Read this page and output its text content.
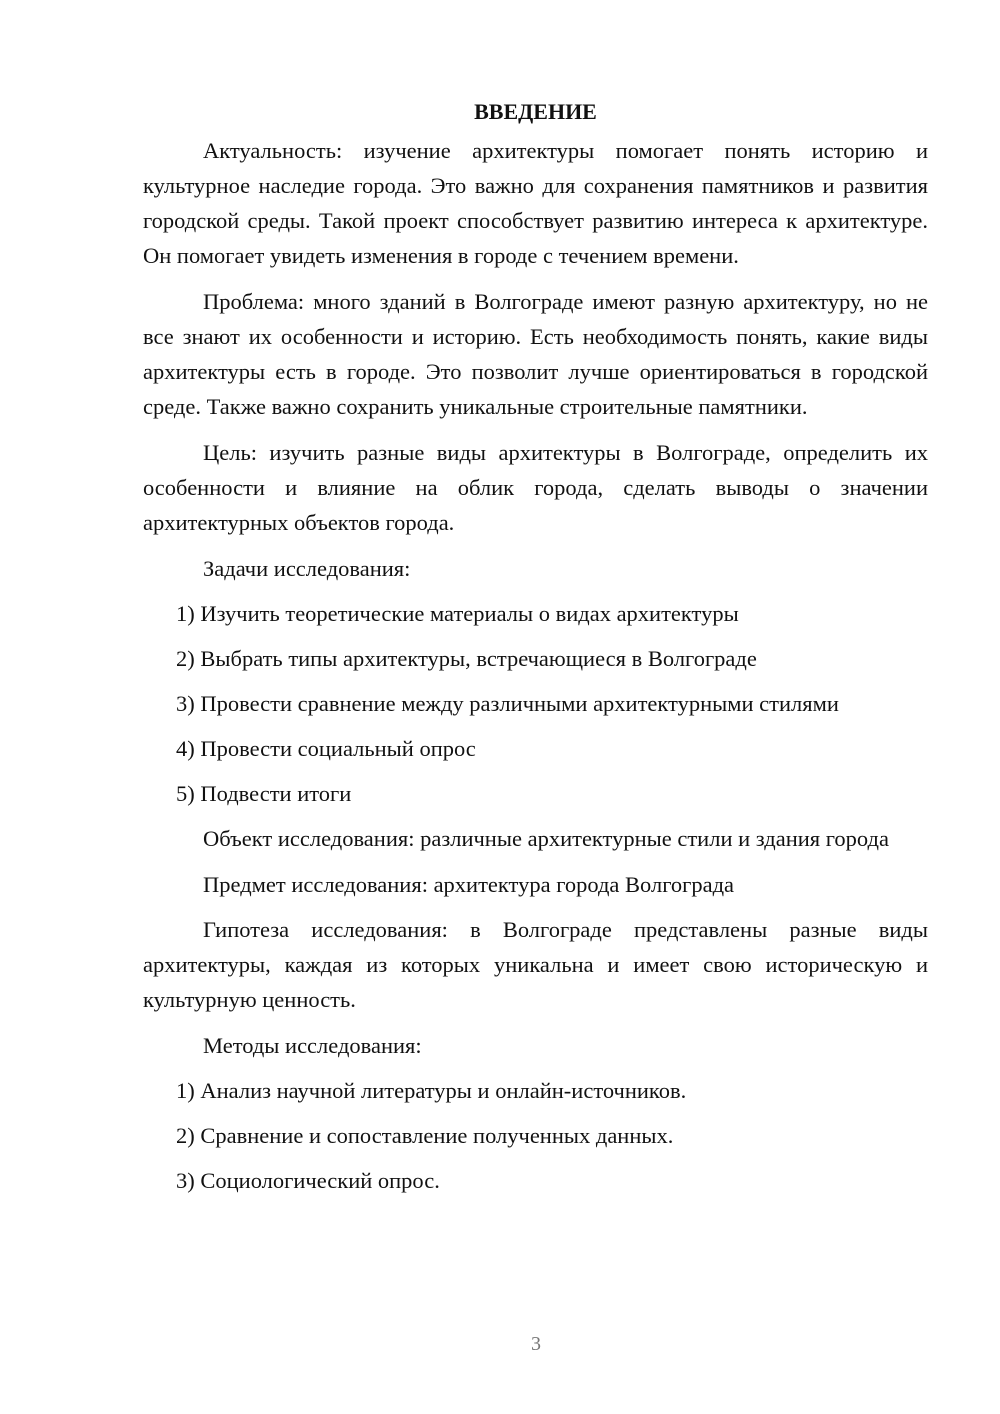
ВВЕДЕНИЕ

Актуальность: изучение архитектуры помогает понять историю и культурное наследие города. Это важно для сохранения памятников и развития городской среды. Такой проект способствует развитию интереса к архитектуре. Он помогает увидеть изменения в городе с течением времени.

Проблема: много зданий в Волгограде имеют разную архитектуру, но не все знают их особенности и историю. Есть необходимость понять, какие виды архитектуры есть в городе. Это позволит лучше ориентироваться в городской среде. Также важно сохранить уникальные строительные памятники.

Цель: изучить разные виды архитектуры в Волгограде, определить их особенности и влияние на облик города, сделать выводы о значении архитектурных объектов города.

Задачи исследования:

1) Изучить теоретические материалы о видах архитектуры
2) Выбрать типы архитектуры, встречающиеся в Волгограде
3) Провести сравнение между различными архитектурными стилями
4) Провести социальный опрос
5) Подвести итоги

Объект исследования: различные архитектурные стили и здания города

Предмет исследования: архитектура города Волгограда

Гипотеза исследования: в Волгограде представлены разные виды архитектуры, каждая из которых уникальна и имеет свою историческую и культурную ценность.

Методы исследования:

1) Анализ научной литературы и онлайн-источников.
2) Сравнение и сопоставление полученных данных.
3) Социологический опрос.
3
